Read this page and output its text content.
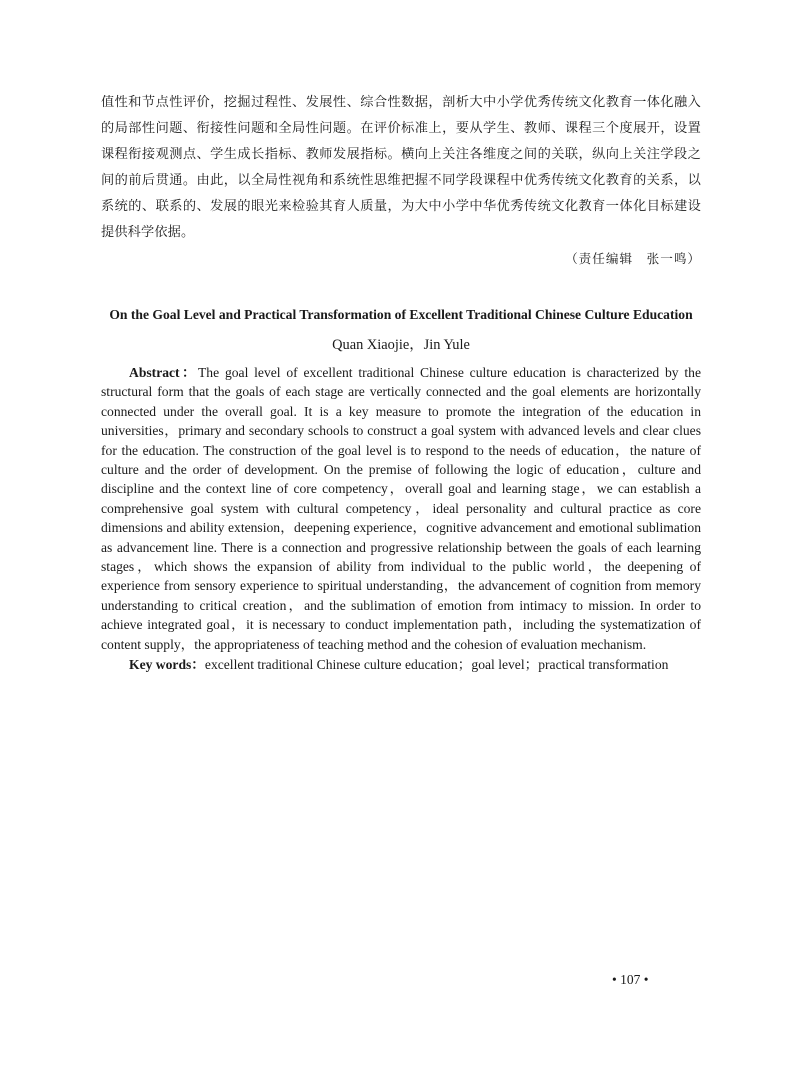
值性和节点性评价，挖掘过程性、发展性、综合性数据，剖析大中小学优秀传统文化教育一体化融入的局部性问题、衔接性问题和全局性问题。在评价标准上，要从学生、教师、课程三个度展开，设置课程衔接观测点、学生成长指标、教师发展指标。横向上关注各维度之间的关联，纵向上关注学段之间的前后贯通。由此，以全局性视角和系统性思维把握不同学段课程中优秀传统文化教育的关系，以系统的、联系的、发展的眼光来检验其育人质量，为大中小学中华优秀传统文化教育一体化目标建设提供科学依据。

（责任编辑　张一鸣）
On the Goal Level and Practical Transformation of Excellent Traditional Chinese Culture Education
Quan Xiaojie，Jin Yule

Abstract：The goal level of excellent traditional Chinese culture education is characterized by the structural form that the goals of each stage are vertically connected and the goal elements are horizontally connected under the overall goal. It is a key measure to promote the integration of the education in universities，primary and secondary schools to construct a goal system with advanced levels and clear clues for the education. The construction of the goal level is to respond to the needs of education，the nature of culture and the order of development. On the premise of following the logic of education，culture and discipline and the context line of core competency，overall goal and learning stage，we can establish a comprehensive goal system with cultural competency，ideal personality and cultural practice as core dimensions and ability extension，deepening experience，cognitive advancement and emotional sublimation as advancement line. There is a connection and progressive relationship between the goals of each learning stages，which shows the expansion of ability from individual to the public world，the deepening of experience from sensory experience to spiritual understanding，the advancement of cognition from memory understanding to critical creation，and the sublimation of emotion from intimacy to mission. In order to achieve integrated goal，it is necessary to conduct implementation path，including the systematization of content supply，the appropriateness of teaching method and the cohesion of evaluation mechanism.

Key words：excellent traditional Chinese culture education；goal level；practical transformation

• 107 •
